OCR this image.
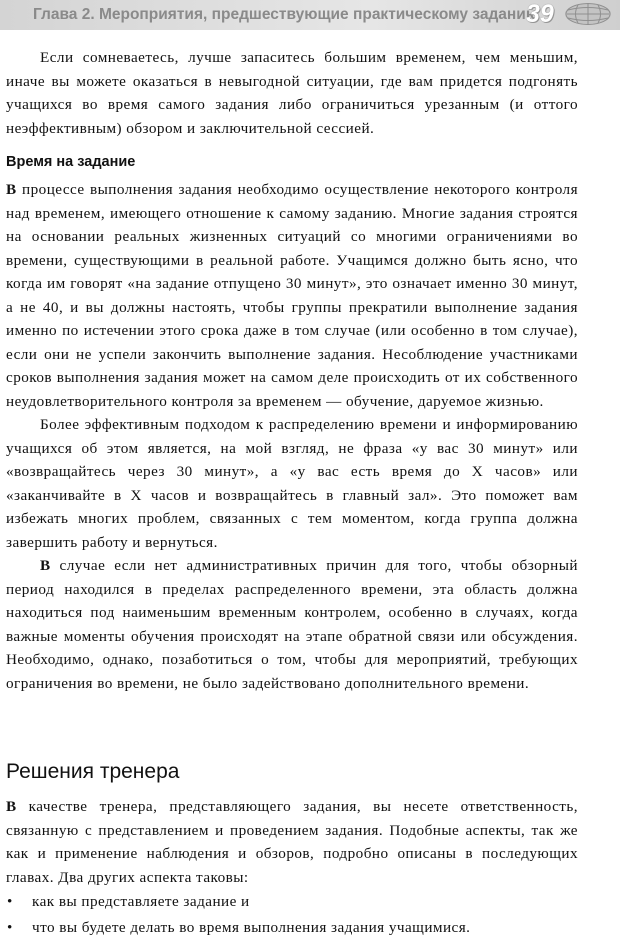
Глава 2. Мероприятия, предшествующие практическому заданию
39

Если сомневаетесь, лучше запаситесь большим временем, чем меньшим, иначе вы можете оказаться в невыгодной ситуации, где вам придется подгонять учащихся во время самого задания либо ограничиться урезанным (и оттого неэффективным) обзором и заключительной сессией.

Время на задание

В процессе выполнения задания необходимо осуществление некоторого контроля над временем, имеющего отношение к самому заданию. Многие задания строятся на основании реальных жизненных ситуаций со многими ограничениями во времени, существующими в реальной работе. Учащимся должно быть ясно, что когда им говорят «на задание отпущено 30 минут», это означает именно 30 минут, а не 40, и вы должны настоять, чтобы группы прекратили выполнение задания именно по истечении этого срока даже в том случае (или особенно в том случае), если они не успели закончить выполнение задания. Несоблюдение участниками сроков выполнения задания может на самом деле происходить от их собственного неудовлетворительного контроля за временем — обучение, даруемое жизнью.

Более эффективным подходом к распределению времени и информированию учащихся об этом является, на мой взгляд, не фраза «у вас 30 минут» или «возвращайтесь через 30 минут», а «у вас есть время до X часов» или «заканчивайте в X часов и возвращайтесь в главный зал». Это поможет вам избежать многих проблем, связанных с тем моментом, когда группа должна завершить работу и вернуться.

В случае если нет административных причин для того, чтобы обзорный период находился в пределах распределенного времени, эта область должна находиться под наименьшим временным контролем, особенно в случаях, когда важные моменты обучения происходят на этапе обратной связи или обсуждения. Необходимо, однако, позаботиться о том, чтобы для мероприятий, требующих ограничения во времени, не было задействовано дополнительного времени.

Решения тренера

В качестве тренера, представляющего задания, вы несете ответственность, связанную с представлением и проведением задания. Подобные аспекты, так же как и применение наблюдения и обзоров, подробно описаны в последующих главах. Два других аспекта таковы:

• как вы представляете задание и
• что вы будете делать во время выполнения задания учащимися.
